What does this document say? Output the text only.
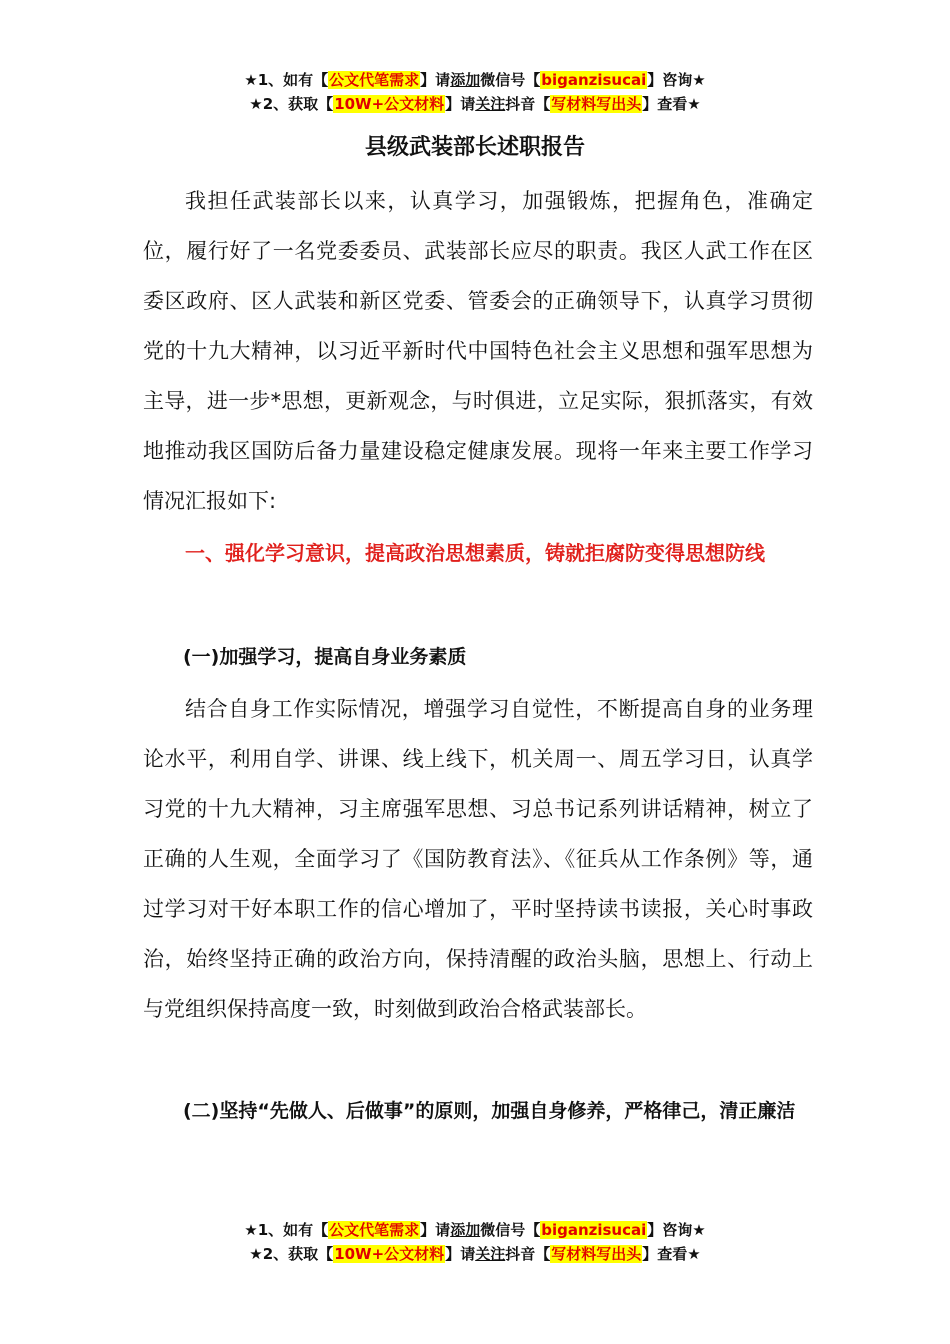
★1、如有【公文代笔需求】请添加微信号【biganzisucai】咨询★
★2、获取【10W+公文材料】请关注抖音【写材料写出头】查看★
县级武装部长述职报告
我担任武装部长以来，认真学习，加强锻炼，把握角色，准确定位，履行好了一名党委委员、武装部长应尽的职责。我区人武工作在区委区政府、区人武装和新区党委、管委会的正确领导下，认真学习贯彻党的十九大精神，以习近平新时代中国特色社会主义思想和强军思想为主导，进一步*思想，更新观念，与时俱进，立足实际，狠抓落实，有效地推动我区国防后备力量建设稳定健康发展。现将一年来主要工作学习情况汇报如下:
一、强化学习意识，提高政治思想素质，铸就拒腐防变得思想防线
(一)加强学习，提高自身业务素质
结合自身工作实际情况，增强学习自觉性，不断提高自身的业务理论水平，利用自学、讲课、线上线下，机关周一、周五学习日，认真学习党的十九大精神，习主席强军思想、习总书记系列讲话精神，树立了正确的人生观，全面学习了《国防教育法》、《征兵从工作条例》等，通过学习对干好本职工作的信心增加了，平时坚持读书读报，关心时事政治，始终坚持正确的政治方向，保持清醒的政治头脑，思想上、行动上与党组织保持高度一致，时刻做到政治合格武装部长。
(二)坚持“先做人、后做事”的原则，加强自身修养，严格律己，清正廉洁
★1、如有【公文代笔需求】请添加微信号【biganzisucai】咨询★
★2、获取【10W+公文材料】请关注抖音【写材料写出头】查看★
